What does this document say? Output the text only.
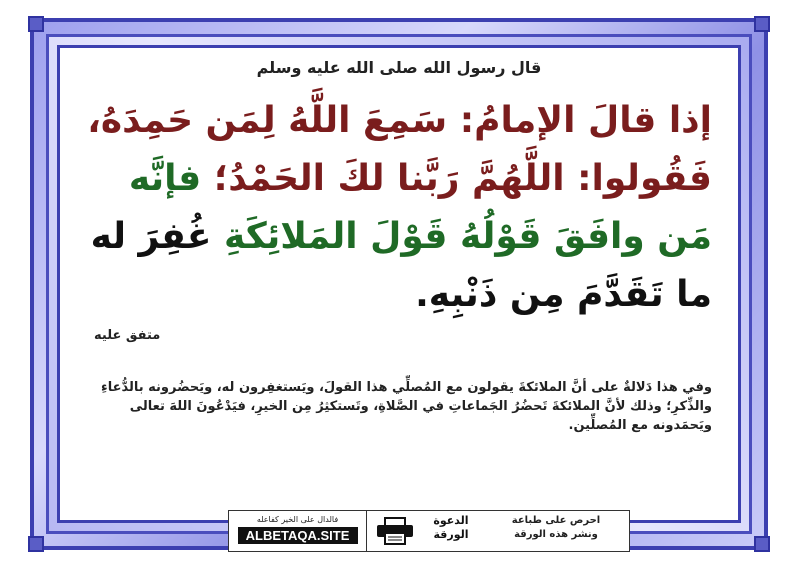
قال رسول الله صلى الله عليه وسلم
إذا قالَ الإمامُ: سَمِعَ اللَّهُ لِمَن حَمِدَهُ،
فَقُولوا: اللَّهُمَّ رَبَّنا لكَ الحَمْدُ؛ فإنَّه
مَن وافَقَ قَوْلُهُ قَوْلَ المَلائِكَةِ غُفِرَ له
ما تَقَدَّمَ مِن ذَنْبِهِ.
متفق عليه
وفي هذا دَلالةٌ على أنَّ الملائكةَ يقولون مع المُصلِّي هذا القولَ، ويَستغفِرون له، ويَحضُرونه بالدُّعاءِ والذِّكرِ؛ وذلك لأنَّ الملائكةَ تَحضُرُ الجَماعاتِ في الصَّلاةِ، وتَستكثِرُ مِن الخيرِ، فيَدْعُونَ اللهَ تعالى ويَحمَدونه مع المُصلِّين.
فالدال على الخير كفاعله
ALBETAQA.SITE
الدعوة
الورقة
احرص على طباعة
ونشر هذه الورقة
